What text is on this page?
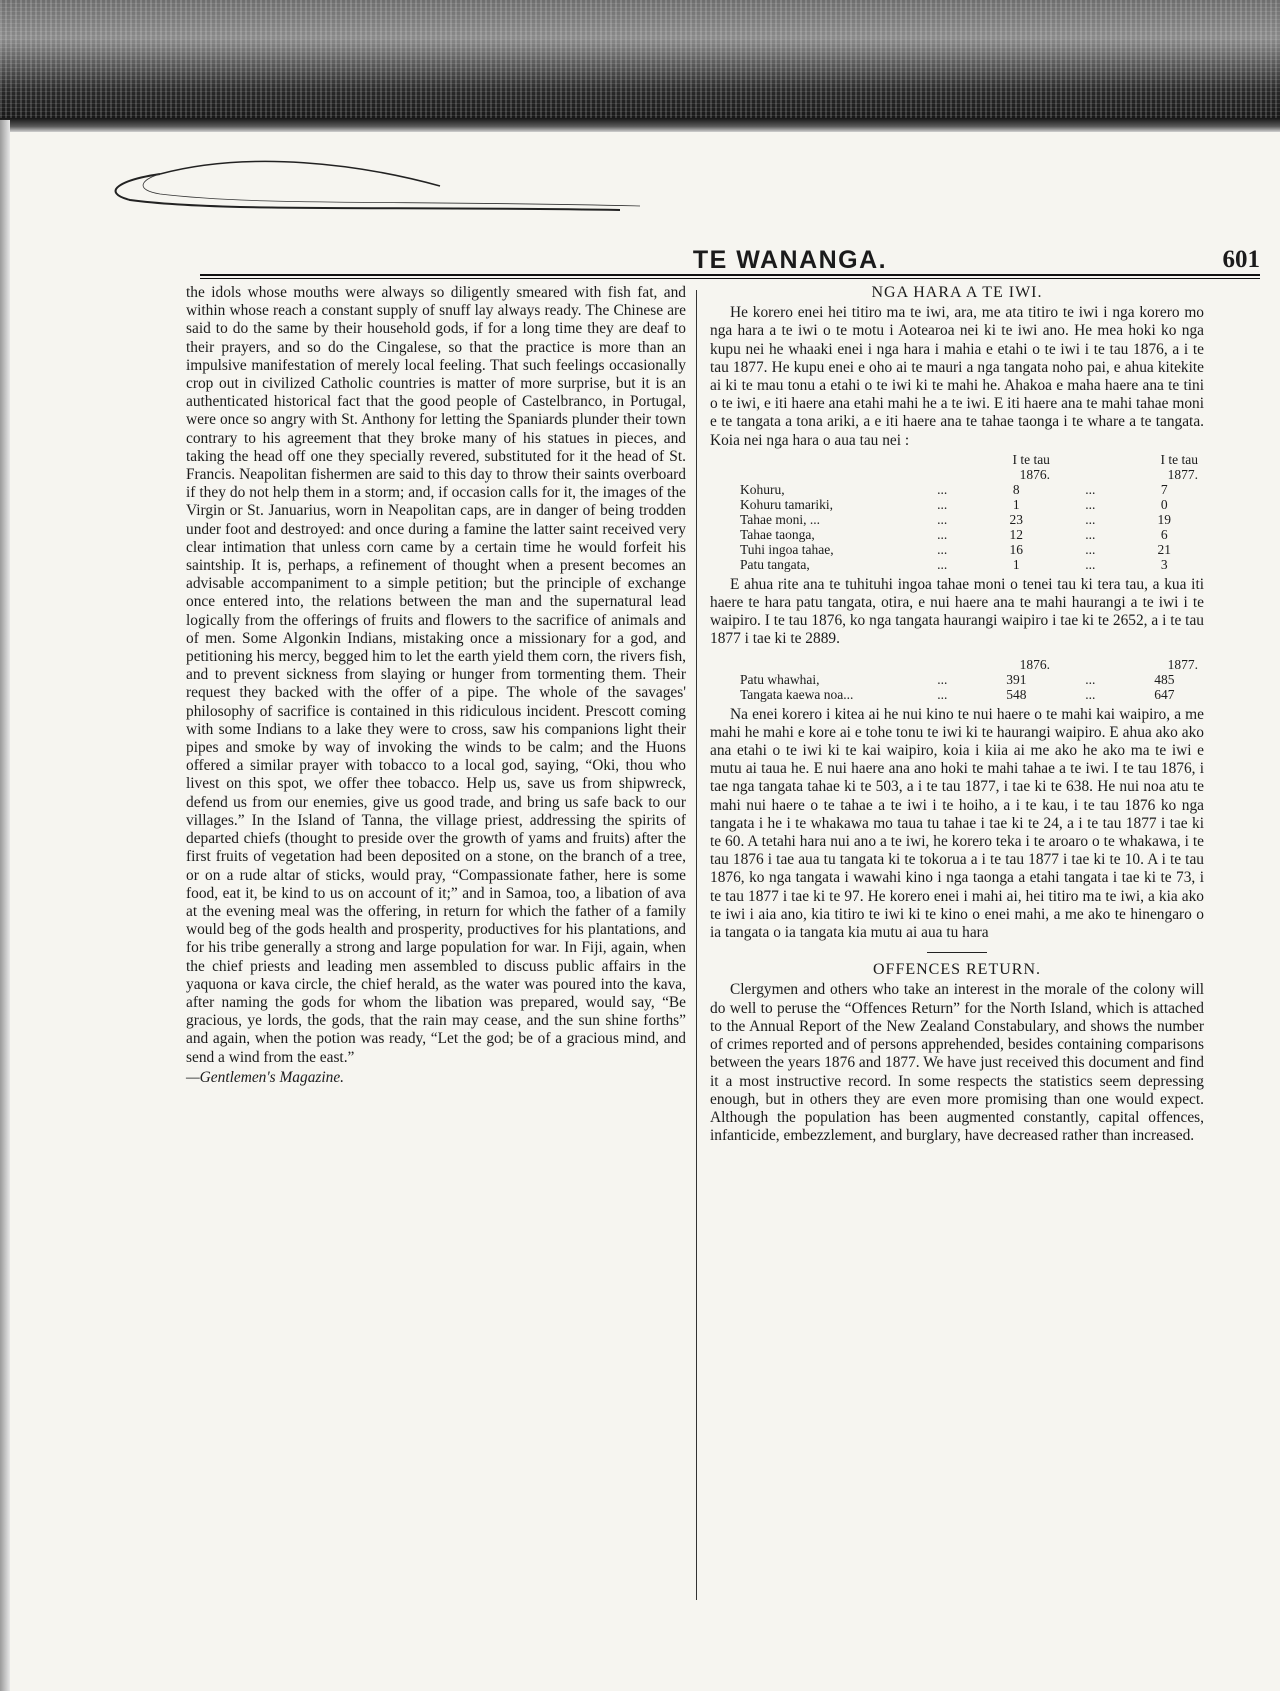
TE WANANGA.	601

the idols whose mouths were always so diligently smeared with fish fat, and within whose reach a constant supply of snuff lay always ready. The Chinese are said to do the same by their household gods, if for a long time they are deaf to their prayers, and so do the Cingalese, so that the practice is more than an impulsive manifestation of merely local feeling. That such feelings occasionally crop out in civilized Catholic countries is matter of more surprise, but it is an authenticated historical fact that the good people of Castelbranco, in Portugal, were once so angry with St. Anthony for letting the Spaniards plunder their town contrary to his agreement that they broke many of his statues in pieces, and taking the head off one they specially revered, substituted for it the head of St. Francis. Neapolitan fishermen are said to this day to throw their saints overboard if they do not help them in a storm; and, if occasion calls for it, the images of the Virgin or St. Januarius, worn in Neapolitan caps, are in danger of being trodden under foot and destroyed: and once during a famine the latter saint received very clear intimation that unless corn came by a certain time he would forfeit his saintship. It is, perhaps, a refinement of thought when a present becomes an advisable accompaniment to a simple petition; but the principle of exchange once entered into, the relations between the man and the supernatural lead logically from the offerings of fruits and flowers to the sacrifice of animals and of men. Some Algonkin Indians, mistaking once a missionary for a god, and petitioning his mercy, begged him to let the earth yield them corn, the rivers fish, and to prevent sickness from slaying or hunger from tormenting them. Their request they backed with the offer of a pipe. The whole of the savages' philosophy of sacrifice is contained in this ridiculous incident. Prescott coming with some Indians to a lake they were to cross, saw his companions light their pipes and smoke by way of invoking the winds to be calm; and the Huons offered a similar prayer with tobacco to a local god, saying, “Oki, thou who livest on this spot, we offer thee tobacco. Help us, save us from shipwreck, defend us from our enemies, give us good trade, and bring us safe back to our villages.” In the Island of Tanna, the village priest, addressing the spirits of departed chiefs (thought to preside over the growth of yams and fruits) after the first fruits of vegetation had been deposited on a stone, on the branch of a tree, or on a rude altar of sticks, would pray, “Compassionate father, here is some food, eat it, be kind to us on account of it;” and in Samoa, too, a libation of ava at the evening meal was the offering, in return for which the father of a family would beg of the gods health and prosperity, productives for his plantations, and for his tribe generally a strong and large population for war. In Fiji, again, when the chief priests and leading men assembled to discuss public affairs in the yaquona or kava circle, the chief herald, as the water was poured into the kava, after naming the gods for whom the libation was prepared, would say, “Be gracious, ye lords, the gods, that the rain may cease, and the sun shine forths” and again, when the potion was ready, “Let the god; be of a gracious mind, and send a wind from the east.”

—Gentlemen's Magazine.

NGA HARA A TE IWI.

He korero enei hei titiro ma te iwi, ara, me ata titiro te iwi i nga korero mo nga hara a te iwi o te motu i Aotearoa nei ki te iwi ano. He mea hoki ko nga kupu nei he whaaki enei i nga hara i mahia e etahi o te iwi i te tau 1876, a i te tau 1877. He kupu enei e oho ai te mauri a nga tangata noho pai, e ahua kitekite ai ki te mau tonu a etahi o te iwi ki te mahi he. Ahakoa e maha haere ana te tini o te iwi, e iti haere ana etahi mahi he a te iwi. E iti haere ana te mahi tahae moni e te tangata a tona ariki, a e iti haere ana te tahae taonga i te whare a te tangata. Koia nei nga hara o aua tau nei :

		I te tau 1876.		I te tau 1877.
Kohuru,	...	8	...	7
Kohuru tamariki,	...	1	...	0
Tahae moni, ...	...	23	...	19
Tahae taonga,	...	12	...	6
Tuhi ingoa tahae,	...	16	...	21
Patu tangata,	...	1	...	3

E ahua rite ana te tuhituhi ingoa tahae moni o tenei tau ki tera tau, a kua iti haere te hara patu tangata, otira, e nui haere ana te mahi haurangi a te iwi i te waipiro. I te tau 1876, ko nga tangata haurangi waipiro i tae ki te 2652, a i te tau 1877 i tae ki te 2889.

		1876.		1877.
Patu whawhai,	...	391	...	485
Tangata kaewa noa...	...	548	...	647

Na enei korero i kitea ai he nui kino te nui haere o te mahi kai waipiro, a me mahi he mahi e kore ai e tohe tonu te iwi ki te haurangi waipiro. E ahua ako ako ana etahi o te iwi ki te kai waipiro, koia i kiia ai me ako he ako ma te iwi e mutu ai taua he. E nui haere ana ano hoki te mahi tahae a te iwi. I te tau 1876, i tae nga tangata tahae ki te 503, a i te tau 1877, i tae ki te 638. He nui noa atu te mahi nui haere o te tahae a te iwi i te hoiho, a i te kau, i te tau 1876 ko nga tangata i he i te whakawa mo taua tu tahae i tae ki te 24, a i te tau 1877 i tae ki te 60. A tetahi hara nui ano a te iwi, he korero teka i te aroaro o te whakawa, i te tau 1876 i tae aua tu tangata ki te tokorua a i te tau 1877 i tae ki te 10. A i te tau 1876, ko nga tangata i wawahi kino i nga taonga a etahi tangata i tae ki te 73, i te tau 1877 i tae ki te 97. He korero enei i mahi ai, hei titiro ma te iwi, a kia ako te iwi i aia ano, kia titiro te iwi ki te kino o enei mahi, a me ako te hinengaro o ia tangata o ia tangata kia mutu ai aua tu hara

OFFENCES RETURN.

Clergymen and others who take an interest in the morale of the colony will do well to peruse the “Offences Return” for the North Island, which is attached to the Annual Report of the New Zealand Constabulary, and shows the number of crimes reported and of persons apprehended, besides containing comparisons between the years 1876 and 1877. We have just received this document and find it a most instructive record. In some respects the statistics seem depressing enough, but in others they are even more promising than one would expect. Although the population has been augmented constantly, capital offences, infanticide, embezzlement, and burglary, have decreased rather than increased.
